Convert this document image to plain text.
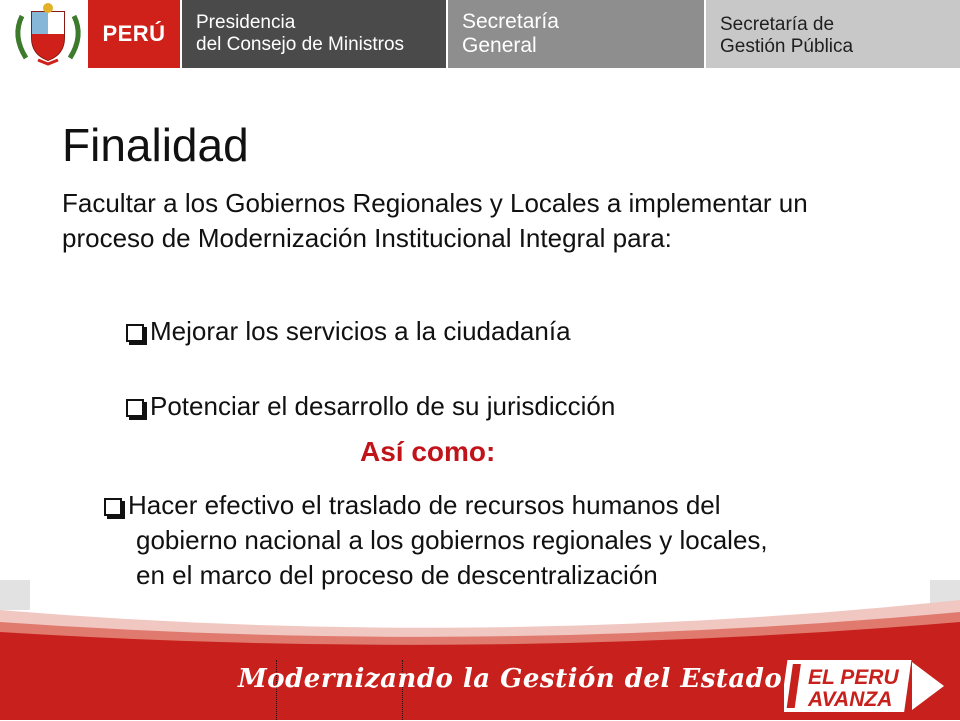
PERÚ	Presidencia
del Consejo de Ministros
Secretaría
General
Secretaría de
Gestión Pública
Finalidad

Facultar a los Gobiernos Regionales y Locales a implementar un proceso de Modernización Institucional Integral para:

Mejorar los servicios a la ciudadanía
Potenciar el desarrollo de su jurisdicción

Así como:

Hacer efectivo el traslado de recursos humanos del
gobierno nacional a los gobiernos regionales y locales,
en el marco del proceso de descentralización
Modernizando la Gestión del Estado EL PERU
AVANZA
